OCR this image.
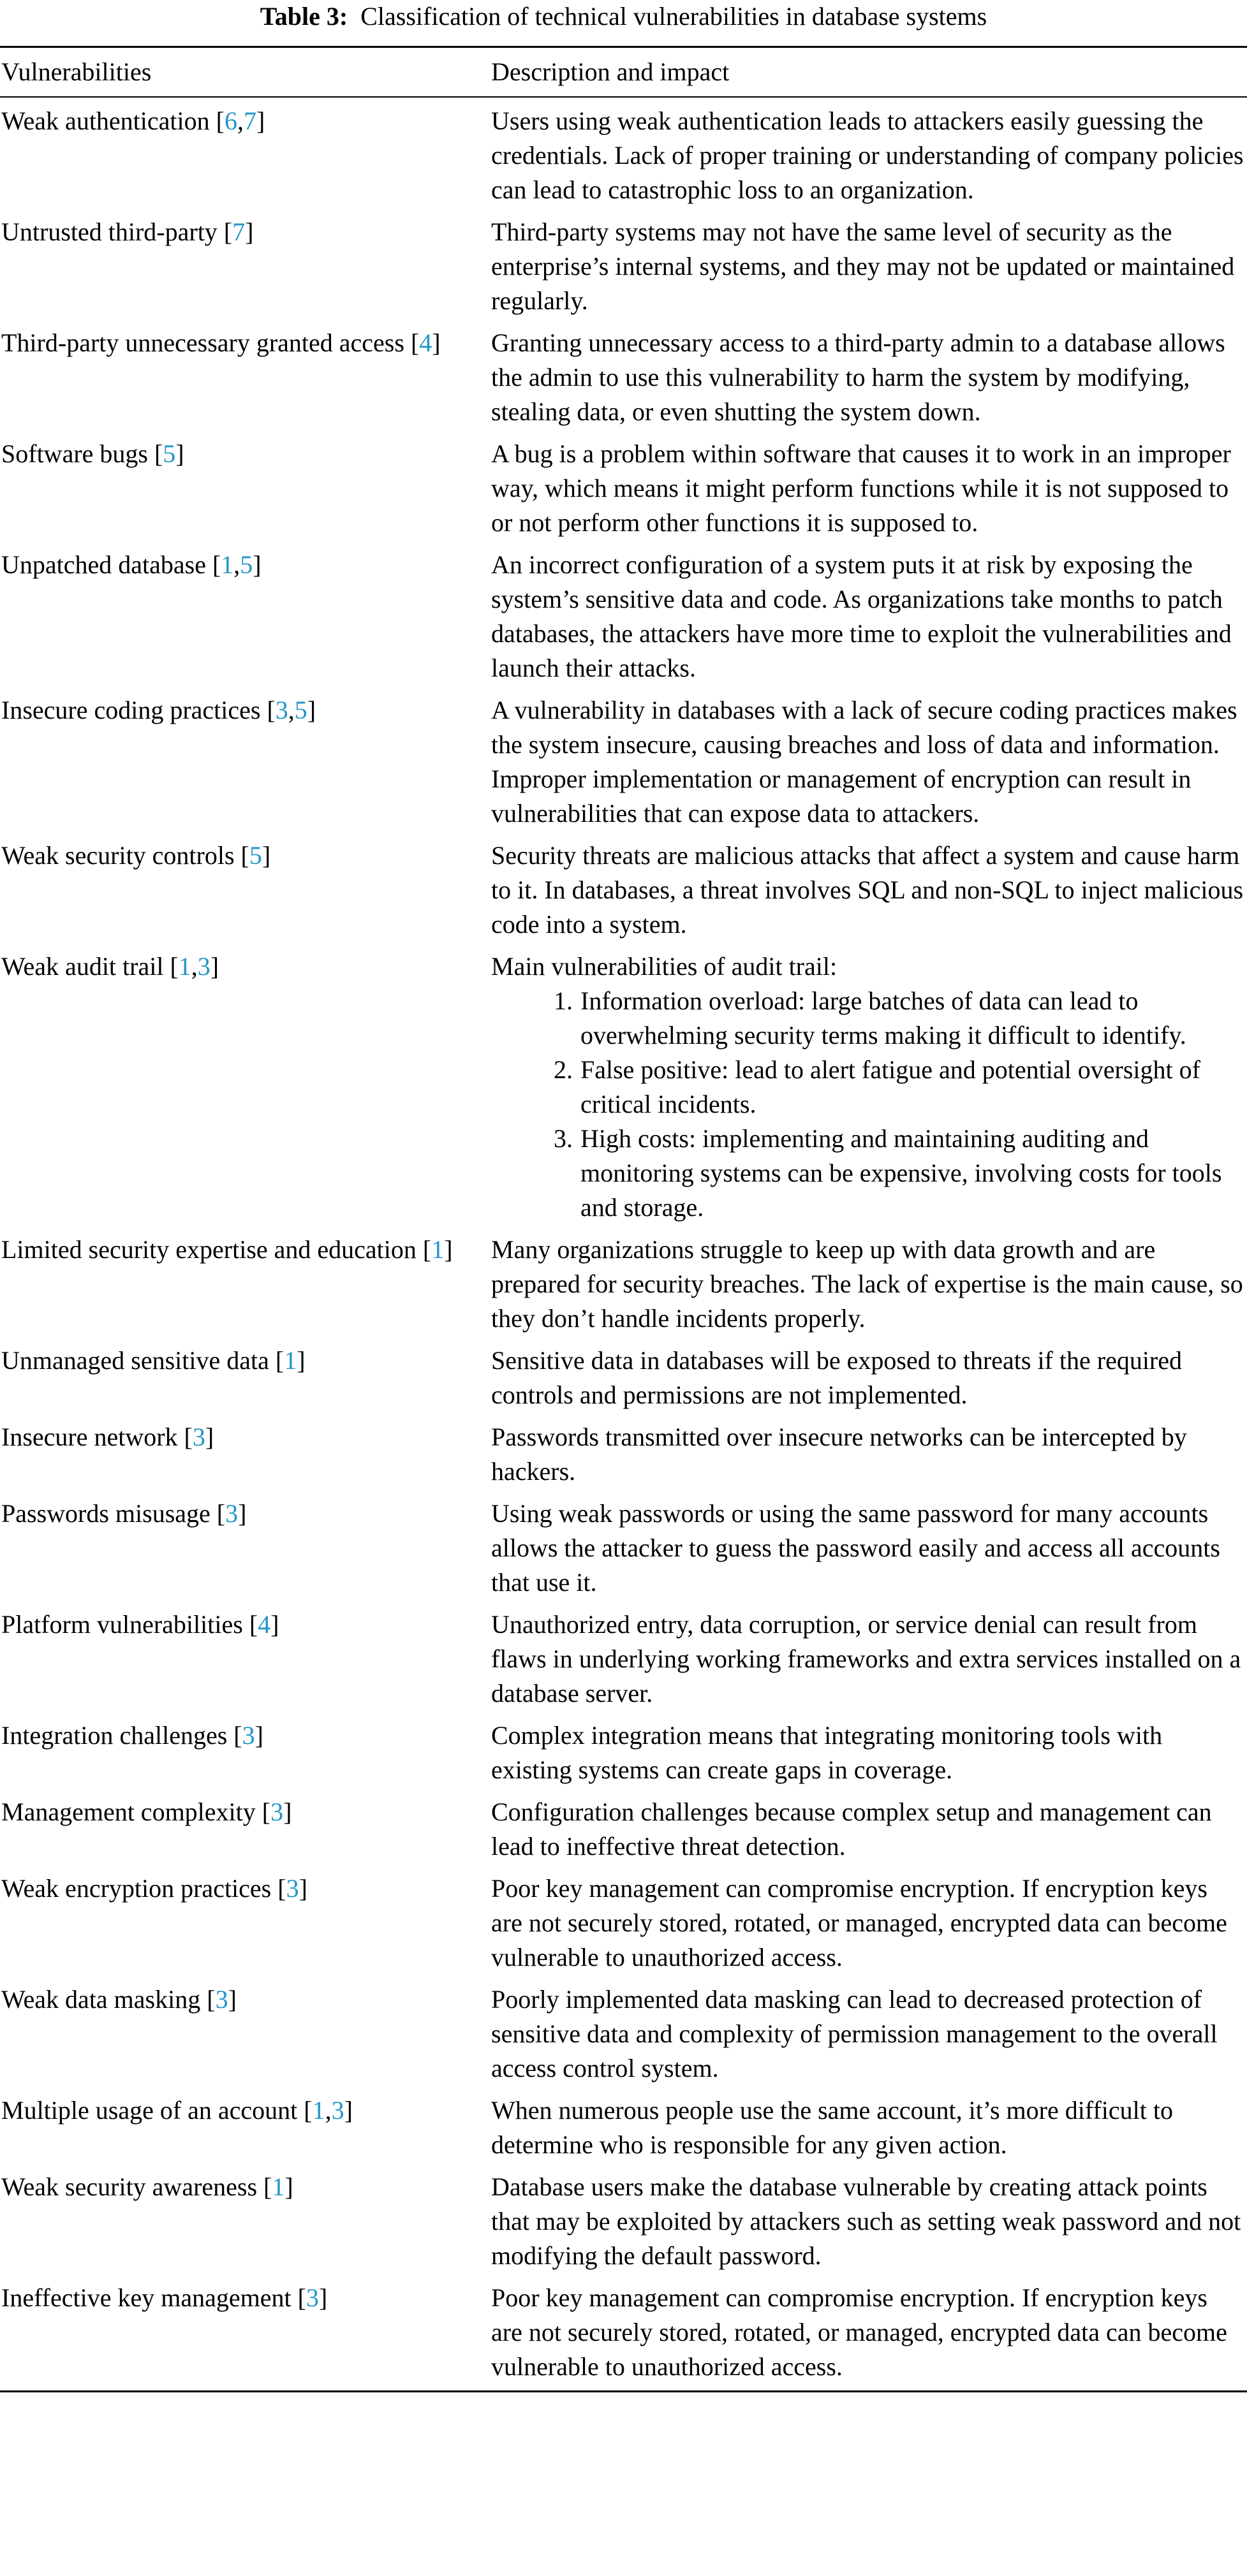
Table 3: Classification of technical vulnerabilities in database systems
Vulnerabilities	Description and impact
Weak authentication [6,7]	Users using weak authentication leads to attackers easily guessing the credentials. Lack of proper training or understanding of company policies can lead to catastrophic loss to an organization.
Untrusted third-party [7]	Third-party systems may not have the same level of security as the enterprise’s internal systems, and they may not be updated or maintained regularly.
Third-party unnecessary granted access [4]	Granting unnecessary access to a third-party admin to a database allows the admin to use this vulnerability to harm the system by modifying, stealing data, or even shutting the system down.
Software bugs [5]	A bug is a problem within software that causes it to work in an improper way, which means it might perform functions while it is not supposed to or not perform other functions it is supposed to.
Unpatched database [1,5]	An incorrect configuration of a system puts it at risk by exposing the system’s sensitive data and code. As organizations take months to patch databases, the attackers have more time to exploit the vulnerabilities and launch their attacks.
Insecure coding practices [3,5]	A vulnerability in databases with a lack of secure coding practices makes the system insecure, causing breaches and loss of data and information. Improper implementation or management of encryption can result in vulnerabilities that can expose data to attackers.
Weak security controls [5]	Security threats are malicious attacks that affect a system and cause harm to it. In databases, a threat involves SQL and non-SQL to inject malicious code into a system.
Weak audit trail [1,3]	Main vulnerabilities of audit trail:
1. Information overload: large batches of data can lead to overwhelming security terms making it difficult to identify.
2. False positive: lead to alert fatigue and potential oversight of critical incidents.
3. High costs: implementing and maintaining auditing and monitoring systems can be expensive, involving costs for tools and storage.
Limited security expertise and education [1]	Many organizations struggle to keep up with data growth and are prepared for security breaches. The lack of expertise is the main cause, so they don’t handle incidents properly.
Unmanaged sensitive data [1]	Sensitive data in databases will be exposed to threats if the required controls and permissions are not implemented.
Insecure network [3]	Passwords transmitted over insecure networks can be intercepted by hackers.
Passwords misusage [3]	Using weak passwords or using the same password for many accounts allows the attacker to guess the password easily and access all accounts that use it.
Platform vulnerabilities [4]	Unauthorized entry, data corruption, or service denial can result from flaws in underlying working frameworks and extra services installed on a database server.
Integration challenges [3]	Complex integration means that integrating monitoring tools with existing systems can create gaps in coverage.
Management complexity [3]	Configuration challenges because complex setup and management can lead to ineffective threat detection.
Weak encryption practices [3]	Poor key management can compromise encryption. If encryption keys are not securely stored, rotated, or managed, encrypted data can become vulnerable to unauthorized access.
Weak data masking [3]	Poorly implemented data masking can lead to decreased protection of sensitive data and complexity of permission management to the overall access control system.
Multiple usage of an account [1,3]	When numerous people use the same account, it’s more difficult to determine who is responsible for any given action.
Weak security awareness [1]	Database users make the database vulnerable by creating attack points that may be exploited by attackers such as setting weak password and not modifying the default password.
Ineffective key management [3]	Poor key management can compromise encryption. If encryption keys are not securely stored, rotated, or managed, encrypted data can become vulnerable to unauthorized access.
